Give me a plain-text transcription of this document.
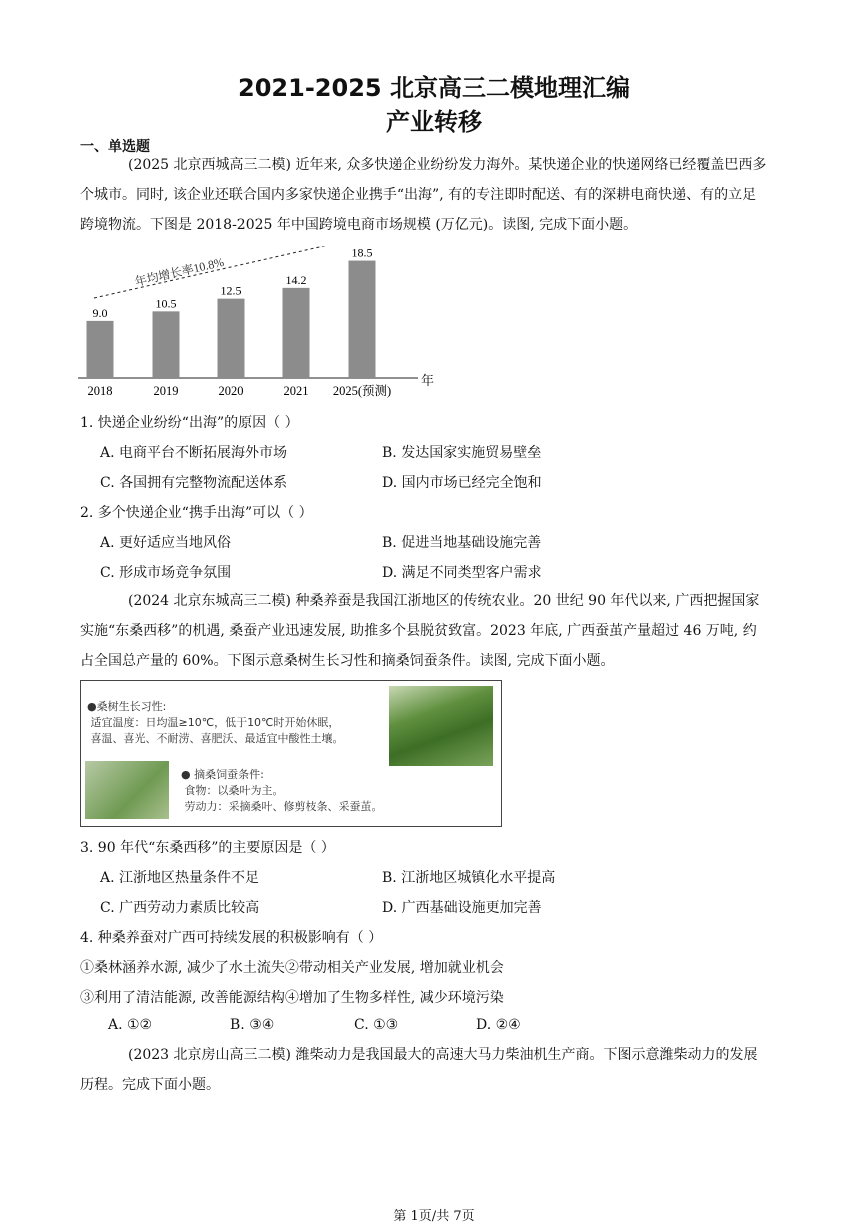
2021-2025 北京高三二模地理汇编
产业转移
一、单选题

(2025 北京西城高三二模) 近年来, 众多快递企业纷纷发力海外。某快递企业的快递网络已经覆盖巴西多个城市。同时, 该企业还联合国内多家快递企业携手“出海”, 有的专注即时配送、有的深耕电商快递、有的立足跨境物流。下图是 2018-2025 年中国跨境电商市场规模 (万亿元)。读图, 完成下面小题。

年均增长率10.8%
年
9.0
2018
10.5
2019
12.5
2020
14.2
2021
18.5
2025(预测)
1. 快递企业纷纷“出海”的原因（ ）
A. 电商平台不断拓展海外市场	B. 发达国家实施贸易壁垒
C. 各国拥有完整物流配送体系	D. 国内市场已经完全饱和
2. 多个快递企业“携手出海”可以（ ）
A. 更好适应当地风俗	B. 促进当地基础设施完善
C. 形成市场竞争氛围	D. 满足不同类型客户需求

(2024 北京东城高三二模) 种桑养蚕是我国江浙地区的传统农业。20 世纪 90 年代以来, 广西把握国家实施“东桑西移”的机遇, 桑蚕产业迅速发展, 助推多个县脱贫致富。2023 年底, 广西蚕茧产量超过 46 万吨, 约占全国总产量的 60%。下图示意桑树生长习性和摘桑饲蚕条件。读图, 完成下面小题。

●桑树生长习性:
适宜温度：日均温≥10℃，低于10℃时开始休眠，
喜温、喜光、不耐涝、喜肥沃、最适宜中酸性土壤。
● 摘桑饲蚕条件:
食物：以桑叶为主。
劳动力：采摘桑叶、修剪枝条、采蚕茧。
3. 90 年代“东桑西移”的主要原因是（ ）
A. 江浙地区热量条件不足	B. 江浙地区城镇化水平提高
C. 广西劳动力素质比较高	D. 广西基础设施更加完善
4. 种桑养蚕对广西可持续发展的积极影响有（ ）
①桑林涵养水源, 减少了水土流失②带动相关产业发展, 增加就业机会
③利用了清洁能源, 改善能源结构④增加了生物多样性, 减少环境污染
A. ①②	B. ③④	C. ①③	D. ②④

(2023 北京房山高三二模) 潍柴动力是我国最大的高速大马力柴油机生产商。下图示意潍柴动力的发展历程。完成下面小题。

第 1页/共 7页
